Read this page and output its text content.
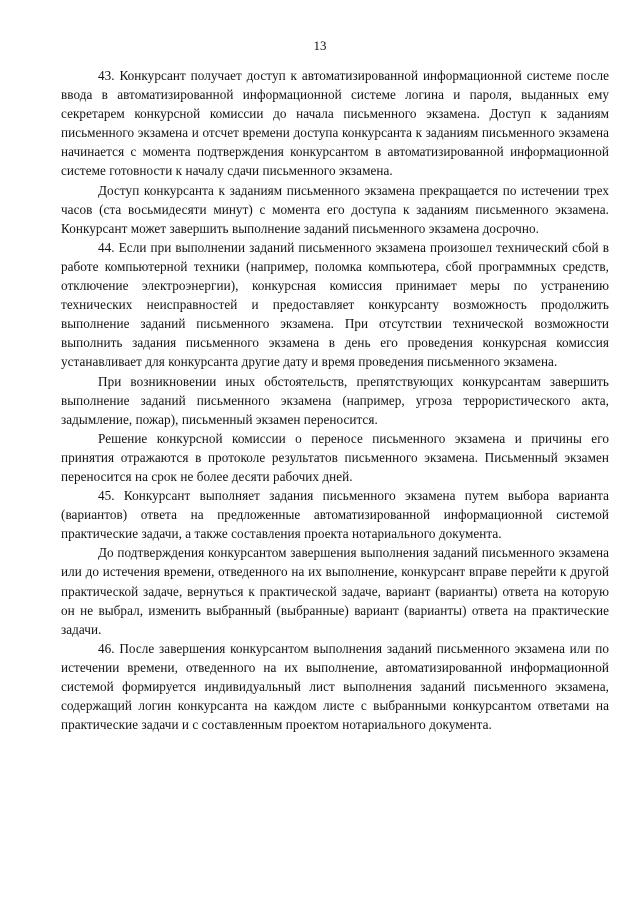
13

43. Конкурсант получает доступ к автоматизированной информационной системе после ввода в автоматизированной информационной системе логина и пароля, выданных ему секретарем конкурсной комиссии до начала письменного экзамена. Доступ к заданиям письменного экзамена и отсчет времени доступа конкурсанта к заданиям письменного экзамена начинается с момента подтверждения конкурсантом в автоматизированной информационной системе готовности к началу сдачи письменного экзамена.

Доступ конкурсанта к заданиям письменного экзамена прекращается по истечении трех часов (ста восьмидесяти минут) с момента его доступа к заданиям письменного экзамена. Конкурсант может завершить выполнение заданий письменного экзамена досрочно.

44. Если при выполнении заданий письменного экзамена произошел технический сбой в работе компьютерной техники (например, поломка компьютера, сбой программных средств, отключение электроэнергии), конкурсная комиссия принимает меры по устранению технических неисправностей и предоставляет конкурсанту возможность продолжить выполнение заданий письменного экзамена. При отсутствии технической возможности выполнить задания письменного экзамена в день его проведения конкурсная комиссия устанавливает для конкурсанта другие дату и время проведения письменного экзамена.

При возникновении иных обстоятельств, препятствующих конкурсантам завершить выполнение заданий письменного экзамена (например, угроза террористического акта, задымление, пожар), письменный экзамен переносится.

Решение конкурсной комиссии о переносе письменного экзамена и причины его принятия отражаются в протоколе результатов письменного экзамена. Письменный экзамен переносится на срок не более десяти рабочих дней.

45. Конкурсант выполняет задания письменного экзамена путем выбора варианта (вариантов) ответа на предложенные автоматизированной информационной системой практические задачи, а также составления проекта нотариального документа.

До подтверждения конкурсантом завершения выполнения заданий письменного экзамена или до истечения времени, отведенного на их выполнение, конкурсант вправе перейти к другой практической задаче, вернуться к практической задаче, вариант (варианты) ответа на которую он не выбрал, изменить выбранный (выбранные) вариант (варианты) ответа на практические задачи.

46. После завершения конкурсантом выполнения заданий письменного экзамена или по истечении времени, отведенного на их выполнение, автоматизированной информационной системой формируется индивидуальный лист выполнения заданий письменного экзамена, содержащий логин конкурсанта на каждом листе с выбранными конкурсантом ответами на практические задачи и с составленным проектом нотариального документа.
